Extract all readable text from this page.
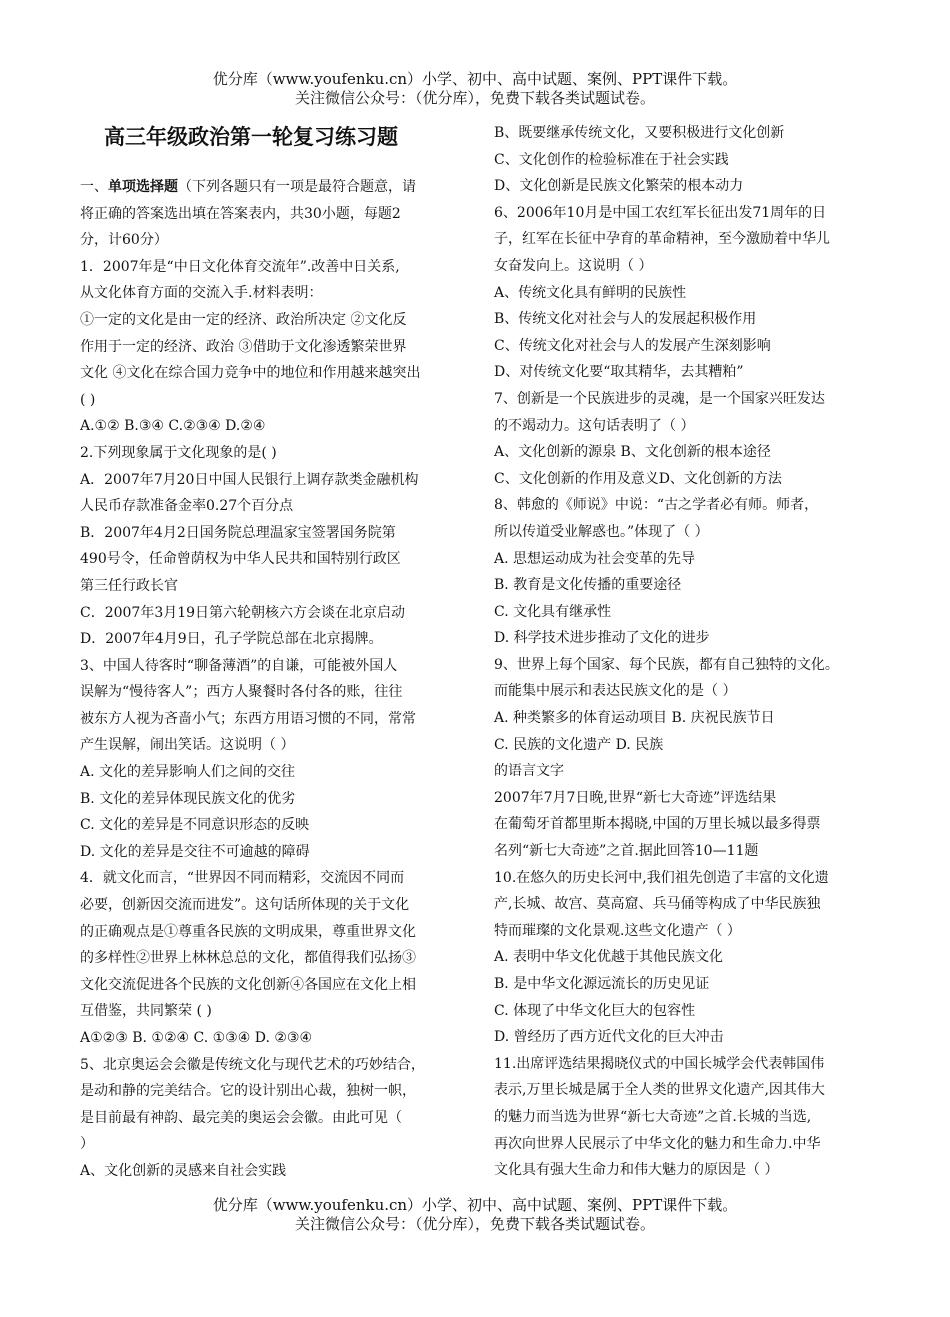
优分库（www.youfenku.cn）小学、初中、高中试题、案例、PPT课件下载。
关注微信公众号：（优分库），免费下载各类试题试卷。

高三年级政治第一轮复习练习题

一、单项选择题（下列各题只有一项是最符合题意，请

将正确的答案选出填在答案表内，共30小题，每题2

分，计60分）

1．2007年是“中日文化体育交流年”.改善中日关系,

从文化体育方面的交流入手.材料表明：

①一定的文化是由一定的经济、政治所决定 ②文化反

作用于一定的经济、政治 ③借助于文化渗透繁荣世界

文化 ④文化在综合国力竞争中的地位和作用越来越突出

( )

A.①② B.③④ C.②③④ D.②④

2.下列现象属于文化现象的是( )

A．2007年7月20日中国人民银行上调存款类金融机构

人民币存款准备金率0.27个百分点

B．2007年4月2日国务院总理温家宝签署国务院第

490号令，任命曾荫权为中华人民共和国特别行政区

第三任行政长官

C．2007年3月19日第六轮朝核六方会谈在北京启动

D．2007年4月9日，孔子学院总部在北京揭牌。

3、中国人待客时“聊备薄酒”的自谦，可能被外国人

误解为“慢待客人”；西方人聚餐时各付各的账，往往

被东方人视为吝啬小气；东西方用语习惯的不同，常常

产生误解，闹出笑话。这说明（ ）

A. 文化的差异影响人们之间的交往

B. 文化的差异体现民族文化的优劣

C. 文化的差异是不同意识形态的反映

D. 文化的差异是交往不可逾越的障碍

4．就文化而言，“世界因不同而精彩，交流因不同而

必要，创新因交流而进发”。这句话所体现的关于文化

的正确观点是①尊重各民族的文明成果，尊重世界文化

的多样性②世界上林林总总的文化，都值得我们弘扬③

文化交流促进各个民族的文化创新④各国应在文化上相

互借鉴，共同繁荣 ( )

A①②③ B. ①②④ C. ①③④ D. ②③④

5、北京奥运会会徽是传统文化与现代艺术的巧妙结合，

是动和静的完美结合。它的设计别出心裁，独树一帜，

是目前最有神韵、最完美的奥运会会徽。由此可见（

）

A、文化创新的灵感来自社会实践

B、既要继承传统文化，又要积极进行文化创新

C、文化创作的检验标准在于社会实践

D、文化创新是民族文化繁荣的根本动力

6、2006年10月是中国工农红军长征出发71周年的日

子，红军在长征中孕育的革命精神，至今激励着中华儿

女奋发向上。这说明（ ）

A、传统文化具有鲜明的民族性

B、传统文化对社会与人的发展起积极作用

C、传统文化对社会与人的发展产生深刻影响

D、对传统文化要“取其精华，去其糟粕”

7、创新是一个民族进步的灵魂，是一个国家兴旺发达

的不竭动力。这句话表明了（ ）

A、文化创新的源泉 B、文化创新的根本途径

C、文化创新的作用及意义D、文化创新的方法

8、韩愈的《师说》中说：“古之学者必有师。师者，

所以传道受业解惑也。”体现了（ ）

A. 思想运动成为社会变革的先导

B. 教育是文化传播的重要途径

C. 文化具有继承性

D. 科学技术进步推动了文化的进步

9、世界上每个国家、每个民族，都有自己独特的文化。

而能集中展示和表达民族文化的是（ ）

A. 种类繁多的体育运动项目 B. 庆祝民族节日

C. 民族的文化遗产 D. 民族

的语言文字

2007年7月7日晚,世界“新七大奇迹”评选结果

在葡萄牙首都里斯本揭晓,中国的万里长城以最多得票

名列“新七大奇迹”之首.据此回答10—11题

10.在悠久的历史长河中,我们祖先创造了丰富的文化遗

产,长城、故宫、莫高窟、兵马俑等构成了中华民族独

特而璀璨的文化景观.这些文化遗产（ ）

A. 表明中华文化优越于其他民族文化

B. 是中华文化源远流长的历史见证

C. 体现了中华文化巨大的包容性

D. 曾经历了西方近代文化的巨大冲击

11.出席评选结果揭晓仪式的中国长城学会代表韩国伟

表示,万里长城是属于全人类的世界文化遗产,因其伟大

的魅力而当选为世界“新七大奇迹”之首.长城的当选,

再次向世界人民展示了中华文化的魅力和生命力.中华

文化具有强大生命力和伟大魅力的原因是（ ）

优分库（www.youfenku.cn）小学、初中、高中试题、案例、PPT课件下载。
关注微信公众号：（优分库），免费下载各类试题试卷。
